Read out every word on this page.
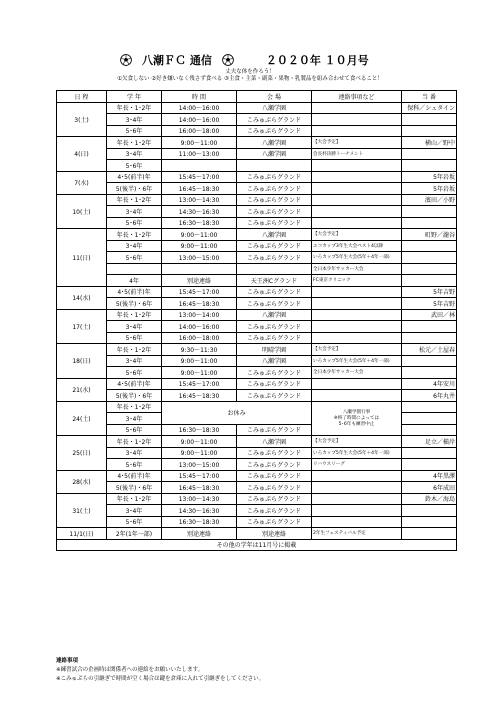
八潮ＦＣ 通信	２０２０年 １０月号
丈夫な体を作ろう！
①欠食しない ②好き嫌いなく残さず食べる ③主食・主菜・副菜・果物・乳製品を組み合わせて食べること！
日 程	学 年	時 間	会 場	連絡事項など	当 番
3(土)	年長・1･2年	14:00～16:00	八瀬学園		保科／シュタイン
	3･4年	14:00～16:00	こみゅぷらグランド		
	5･6年	16:00～18:00	こみゅぷらグランド		
4(日)	年長・1･2年	9:00～11:00	八瀬学園	【大会予定】	横山／野中
	3･4年	11:00～13:00	八瀬学園	会長杯決勝トーナメント	
	5･6年				
7(水)	4･5(前半)年	15:45～17:00	こみゅぷらグランド		5年岩坂
	5(後半)・6年	16:45～18:30	こみゅぷらグランド		5年岩坂
10(土)	年長・1･2年	13:00～14:30	こみゅぷらグランド		濱田／小野
	3･4年	14:30～16:30	こみゅぷらグランド		
	5･6年	16:30～18:30	こみゅぷらグランド		
11(日)	年長・1･2年	9:00～11:00	八瀬学園	【大会予定】	町野／瀧谷
	3･4年	9:00～11:00	こみゅぷらグランド	エコカップ3年生大会ベスト4以降	
	5･6年	13:00～15:00	こみゅぷらグランド	いろカップ5年生大会(5年＋4年一部)	
				全日本少年サッカー大会	
	4年	別途連絡	天王洲Cグランド	FC東京クリニック	
14(水)	4･5(前半)年	15:45～17:00	こみゅぷらグランド		5年吉野
	5(後半)・6年	16:45～18:30	こみゅぷらグランド		5年吉野
17(土)	年長・1･2年	13:00～14:00	八瀬学園		武田／林
	3･4年	14:00～16:00	こみゅぷらグランド		
	5･6年	16:00～18:00	こみゅぷらグランド		
18(日)	年長・1･2年	9:30～11:30	明晴学園	【大会予定】	松元／土屋春
	3･4年	9:00～11:00	八瀬学園	いろカップ5年生大会(5年＋4年一部)	
	5･6年	9:00～11:00	こみゅぷらグランド	全日本少年サッカー大会	
21(水)	4･5(前半)年	15:45～17:00	こみゅぷらグランド		4年安川
	5(後半)・6年	16:45～18:30	こみゅぷらグランド		6年丸井
24(土)	年長・1･2年	お休み		八瀬学園行事
※終了時間によっては
5･6年も練習中止	

	3･4年				
	5･6年	16:30～18:30	こみゅぷらグランド		
25(日)	年長・1･2年	9:00～11:00	八瀬学園	【大会予定】	足立／槇岸
	3･4年	9:00～11:00	こみゅぷらグランド	いろカップ5年生大会(5年＋4年一部)	
	5･6年	13:00～15:00	こみゅぷらグランド	リハウスリーグ	
28(水)	4･5(前半)年	15:45～17:00	こみゅぷらグランド		4年黒澤
	5(後半)・6年	16:45～18:30	こみゅぷらグランド		6年成田
31(土)	年長・1･2年	13:00～14:30	こみゅぷらグランド		鈴木／海島
	3･4年	14:30～16:30	こみゅぷらグランド		
	5･6年	16:30～18:30	こみゅぷらグランド		
11/1(日)	2年(1年一部)	別途連絡	別途連絡	2年生フェスティバル予定	
その他の学年は11月号に掲載					
連絡事項
※練習試合の企画時は関係者への連絡をお願いいたします。
※こみゅぷらの引継ぎで時間が空く場合は鍵を倉庫に入れて引継ぎをしてください。
